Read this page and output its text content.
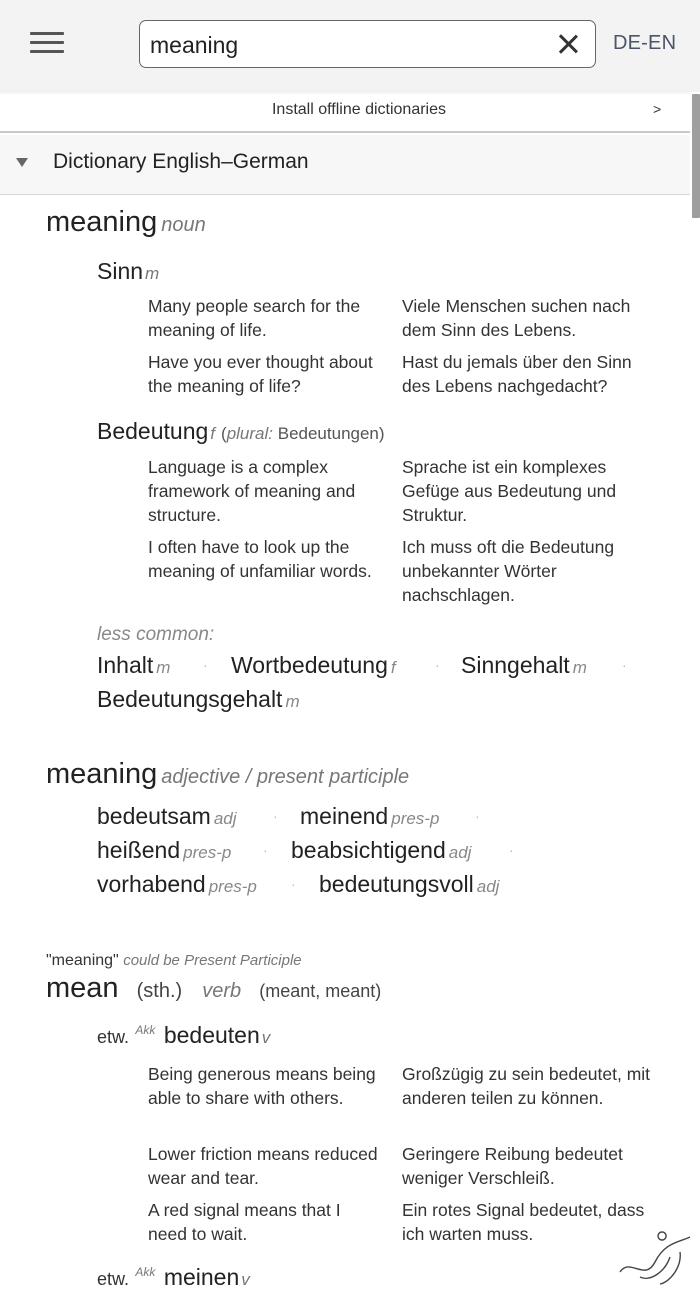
meaning
DE-EN
Install offline dictionaries	>
Dictionary English–German
meaning noun
Sinn m
Many people search for the meaning of life.
Viele Menschen suchen nach dem Sinn des Lebens.
Have you ever thought about the meaning of life?
Hast du jemals über den Sinn des Lebens nachgedacht?
Bedeutung f (plural: Bedeutungen)
Language is a complex framework of meaning and structure.
Sprache ist ein komplexes Gefüge aus Bedeutung und Struktur.
I often have to look up the meaning of unfamiliar words.
Ich muss oft die Bedeutung unbekannter Wörter nachschlagen.
less common:
Inhalt m · Wortbedeutung f	· Sinngehalt m	·
Bedeutungsgehalt m
meaning adjective / present participle
bedeutsam adj	· meinend pres-p	·
heißend pres-p · beabsichtigend adj	·
vorhabend pres-p · bedeutungsvoll adj
"meaning" could be Present Participle
mean (sth.) verb (meant, meant)
etw. $^{Akk}$ bedeuten v
Being generous means being able to share with others.
Großzügig zu sein bedeutet, mit anderen teilen zu können.
Lower friction means reduced wear and tear.
Geringere Reibung bedeutet weniger Verschleiß.
A red signal means that I need to wait.
Ein rotes Signal bedeutet, dass ich warten muss.
etw. $^{Akk}$ meinen v
